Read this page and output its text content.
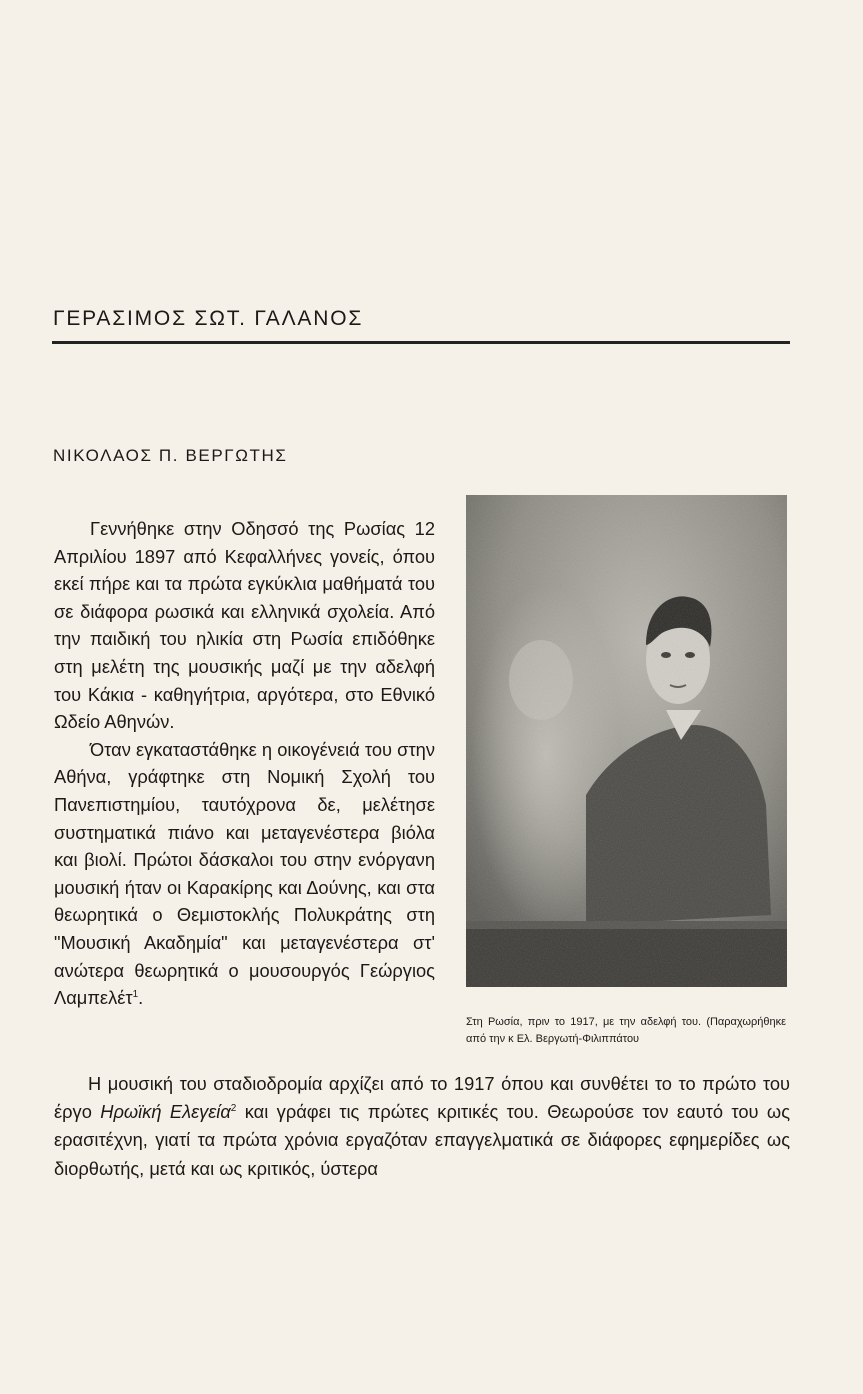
ΓΕΡΑΣΙΜΟΣ ΣΩΤ. ΓΑΛΑΝΟΣ
ΝΙΚΟΛΑΟΣ Π. ΒΕΡΓΩΤΗΣ

Γεννήθηκε στην Οδησσό της Ρωσίας 12 Απριλίου 1897 από Κεφαλλήνες γονείς, όπου εκεί πήρε και τα πρώτα εγκύκλια μαθήματά του σε διάφορα ρωσικά και ελληνικά σχολεία. Από την παιδική του ηλικία στη Ρωσία επιδόθηκε στη μελέτη της μουσικής μαζί με την αδελφή του Κάκια - καθηγήτρια, αργότερα, στο Εθνικό Ωδείο Αθηνών.

Όταν εγκαταστάθηκε η οικογένειά του στην Αθήνα, γράφτηκε στη Νομική Σχολή του Πανεπιστημίου, ταυτόχρονα δε, μελέτησε συστηματικά πιάνο και μεταγενέστερα βιόλα και βιολί. Πρώτοι δάσκαλοι του στην ενόργανη μουσική ήταν οι Καρακίρης και Δούνης, και στα θεωρητικά ο Θεμιστοκλής Πολυκράτης στη "Μουσική Ακαδημία" και μεταγενέστερα στ' ανώτερα θεωρητικά ο μουσουργός Γεώργιος Λαμπελέτ$^1$.

Στη Ρωσία, πριν το 1917, με την αδελφή του. (Παραχωρήθηκε από την κ Ελ. Βεργωτή-Φιλιππάτου
Η μουσική του σταδιοδρομία αρχίζει από το 1917 όπου και συνθέτει το το πρώτο του έργο Ηρωϊκή Ελεγεία$^2$ και γράφει τις πρώτες κριτικές του. Θεωρούσε τον εαυτό του ως ερασιτέχνη, γιατί τα πρώτα χρόνια εργαζόταν επαγγελματικά σε διάφορες εφημερίδες ως διορθωτής, μετά και ως κριτικός, ύστερα
